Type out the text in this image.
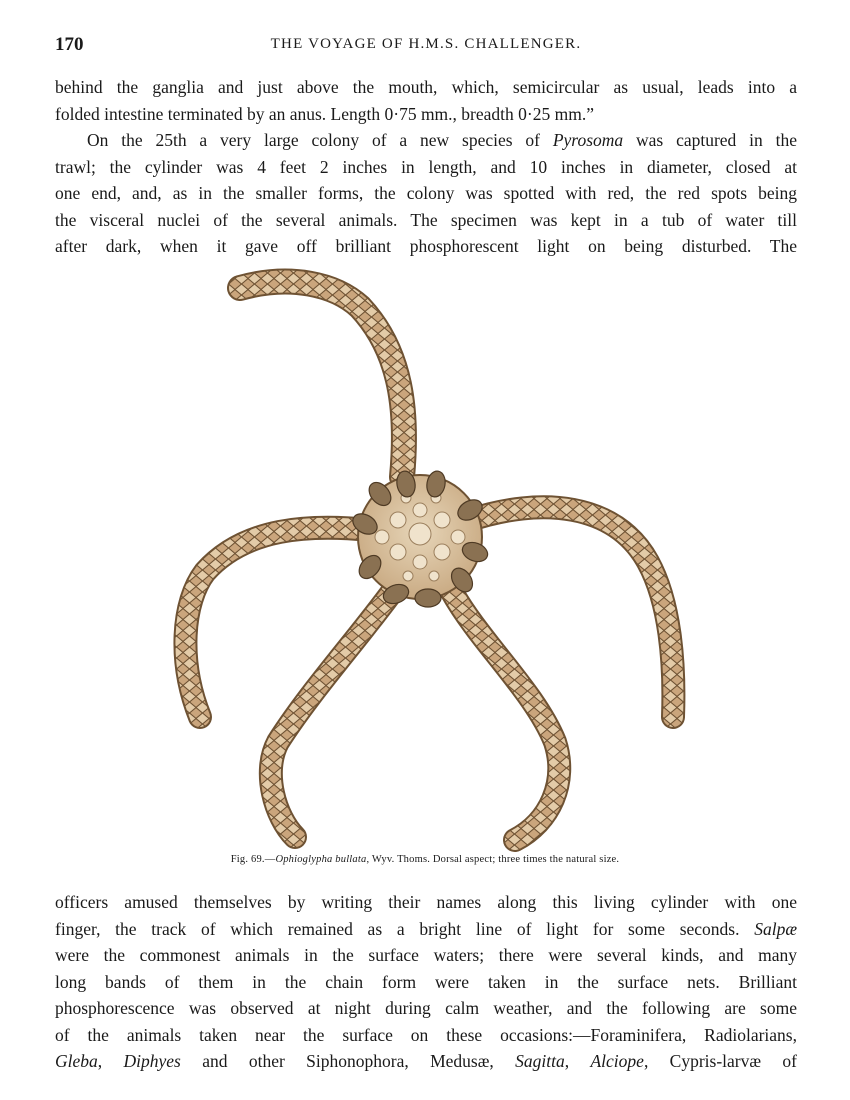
170	THE VOYAGE OF H.M.S. CHALLENGER.
behind the ganglia and just above the mouth, which, semicircular as usual, leads into a
folded intestine terminated by an anus. Length 0·75 mm., breadth 0·25 mm.”
On the 25th a very large colony of a new species of Pyrosoma was captured in the
trawl; the cylinder was 4 feet 2 inches in length, and 10 inches in diameter, closed at
one end, and, as in the smaller forms, the colony was spotted with red, the red spots being
the visceral nuclei of the several animals. The specimen was kept in a tub of water till
after dark, when it gave off brilliant phosphorescent light on being disturbed. The
Fig. 69.—Ophioglypha bullata, Wyv. Thoms. Dorsal aspect; three times the natural size.
officers amused themselves by writing their names along this living cylinder with one
finger, the track of which remained as a bright line of light for some seconds. Salpæ
were the commonest animals in the surface waters; there were several kinds, and many
long bands of them in the chain form were taken in the surface nets. Brilliant
phosphorescence was observed at night during calm weather, and the following are some
of the animals taken near the surface on these occasions:—Foraminifera, Radiolarians,
Gleba, Diphyes and other Siphonophora, Medusæ, Sagitta, Alciope, Cypris-larvæ of
